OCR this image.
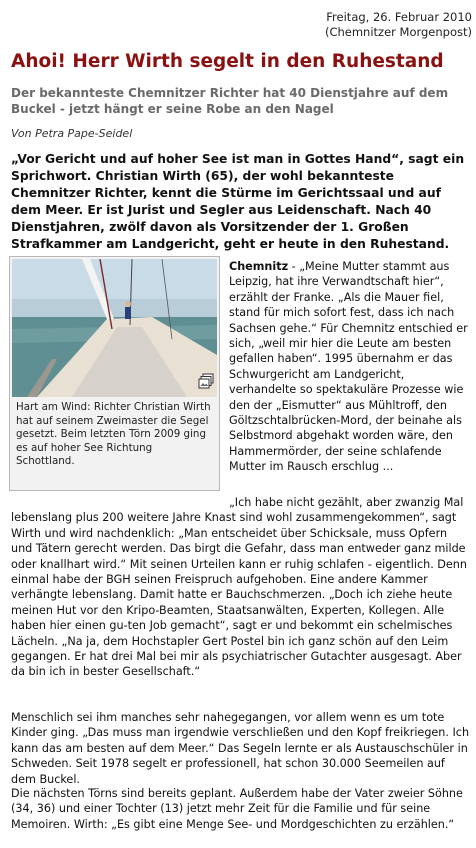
Freitag, 26. Februar 2010
(Chemnitzer Morgenpost)
Ahoi! Herr Wirth segelt in den Ruhestand
Der bekannteste Chemnitzer Richter hat 40 Dienstjahre auf dem Buckel - jetzt hängt er seine Robe an den Nagel
Von Petra Pape-Seidel
„Vor Gericht und auf hoher See ist man in Gottes Hand“, sagt ein Sprichwort. Christian Wirth (65), der wohl bekannteste Chemnitzer Richter, kennt die Stürme im Gerichtssaal und auf dem Meer. Er ist Jurist und Segler aus Leidenschaft. Nach 40 Dienstjahren, zwölf davon als Vorsitzender der 1. Großen Strafkammer am Landgericht, geht er heute in den Ruhestand.
Hart am Wind: Richter Christian Wirth hat auf seinem Zweimaster die Segel gesetzt. Beim letzten Törn 2009 ging es auf hoher See Richtung Schottland.
Chemnitz - „Meine Mutter stammt aus Leipzig, hat ihre Verwandtschaft hier“, erzählt der Franke. „Als die Mauer fiel, stand für mich sofort fest, dass ich nach Sachsen gehe.“ Für Chemnitz entschied er sich, „weil mir hier die Leute am besten gefallen haben“. 1995 übernahm er das Schwurgericht am Landgericht, verhandelte so spektakuläre Prozesse wie den der „Eismutter“ aus Mühltroff, den Göltzschtalbrücken-Mord, der beinahe als Selbstmord abgehakt worden wäre, den Hammermörder, der seine schlafende Mutter im Rausch erschlug ...

„Ich habe nicht gezählt, aber zwanzig Mal lebenslang plus 200 weitere Jahre Knast sind wohl zusammengekommen“, sagt Wirth und wird nachdenklich: „Man entscheidet über Schicksale, muss Opfern und Tätern gerecht werden. Das birgt die Gefahr, dass man entweder ganz milde oder knallhart wird.“ Mit seinen Urteilen kann er ruhig schlafen - eigentlich. Denn einmal habe der BGH seinen Freispruch aufgehoben. Eine andere Kammer verhängte lebenslang. Damit hatte er Bauchschmerzen. „Doch ich ziehe heute meinen Hut vor den Kripo-Beamten, Staatsanwälten, Experten, Kollegen. Alle haben hier einen gu-ten Job gemacht“, sagt er und bekommt ein schelmisches Lächeln. „Na ja, dem Hochstapler Gert Postel bin ich ganz schön auf den Leim gegangen. Er hat drei Mal bei mir als psychiatrischer Gutachter ausgesagt. Aber da bin ich in bester Gesellschaft.“

Menschlich sei ihm manches sehr nahegegangen, vor allem wenn es um tote Kinder ging. „Das muss man irgendwie verschließen und den Kopf freikriegen. Ich kann das am besten auf dem Meer.“ Das Segeln lernte er als Austauschschüler in Schweden. Seit 1978 segelt er professionell, hat schon 30.000 Seemeilen auf dem Buckel.

Die nächsten Törns sind bereits geplant. Außerdem habe der Vater zweier Söhne (34, 36) und einer Tochter (13) jetzt mehr Zeit für die Familie und für seine Memoiren. Wirth: „Es gibt eine Menge See- und Mordgeschichten zu erzählen.“
